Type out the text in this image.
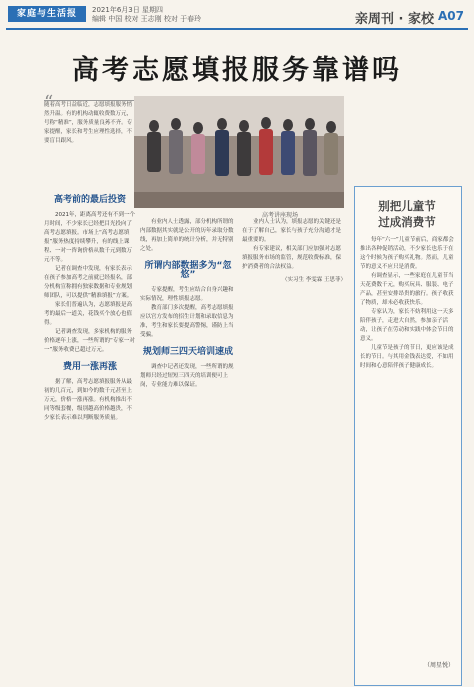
家庭与生活报	2021年6月3日 星期四
编辑 中国 校对 王志刚 校对 于春玲	亲周刊 · 家校 A07
高考志愿填报服务靠谱吗
“
随着高考日益临近，志愿填报服务悄然升温。有的机构动辄收费数万元，号称“精准”，服务质量良莠不齐。专家提醒，家长和考生应理性选择，不要盲目跟风。
高考讲座现场
高考前的最后投资

2021年，距离高考还有不到一个月时间，不少家长已经把目光投向了高考志愿填报。市场上“高考志愿填报”服务热度持续攀升，有的线上课程、一对一咨询价格从数千元到数万元不等。

记者在调查中发现，有家长表示在孩子参加高考之前就已经报名，部分机构宣称拥有独家数据和专业规划师团队，可以提供“精准填报”方案。

家长们普遍认为，志愿填报是高考的最后一道关，花钱买个放心也值得。

记者调查发现，多家机构的服务价格逐年上涨，一些所谓的“专家一对一”服务收费已超过万元。

费用一涨再涨

据了解，高考志愿填报服务从最初的几百元，到如今的数千元甚至上万元，价格一涨再涨。有机构推出不同等级套餐，级别越高价格越贵，不少家长表示难以判断服务质量。

有业内人士透露，部分机构所谓的内部数据其实就是公开的历年录取分数线，再加上简单的统计分析，并无特别之处。

所谓内部数据多为“忽悠”

专家提醒，考生应结合自身兴趣和实际情况，理性填报志愿。

教育部门多次提醒，高考志愿填报应以官方发布的招生计划和录取信息为准，考生和家长要提高警惕，谨防上当受骗。

规划师三四天培训速成

调查中记者还发现，一些所谓的规划师只经过短短三四天的培训便可上岗，专业能力难以保证。

业内人士认为，填报志愿的关键还是在于了解自己，家长与孩子充分沟通才是最重要的。

有专家建议，相关部门应加强对志愿填报服务市场的监管，规范收费标准，保护消费者的合法权益。

（实习生 李雯霖 王思菲）

别把儿童节
过成消费节

每年“六一”儿童节前后，商家都会推出各种促销活动，不少家长也乐于在这个时候为孩子购买礼物。然而，儿童节的意义不应只是消费。

有调查显示，一些家庭在儿童节当天花费数千元，购买玩具、服装、电子产品，甚至安排昂贵的旅行。孩子收获了物质，却未必收获快乐。

专家认为，家长不妨利用这一天多陪伴孩子，走进大自然，参加亲子活动，让孩子在劳动和实践中体会节日的意义。

儿童节是孩子的节日，更应该是成长的节日。与其用金钱表达爱，不如用时间和心意陪伴孩子健康成长。

（周星悦）
